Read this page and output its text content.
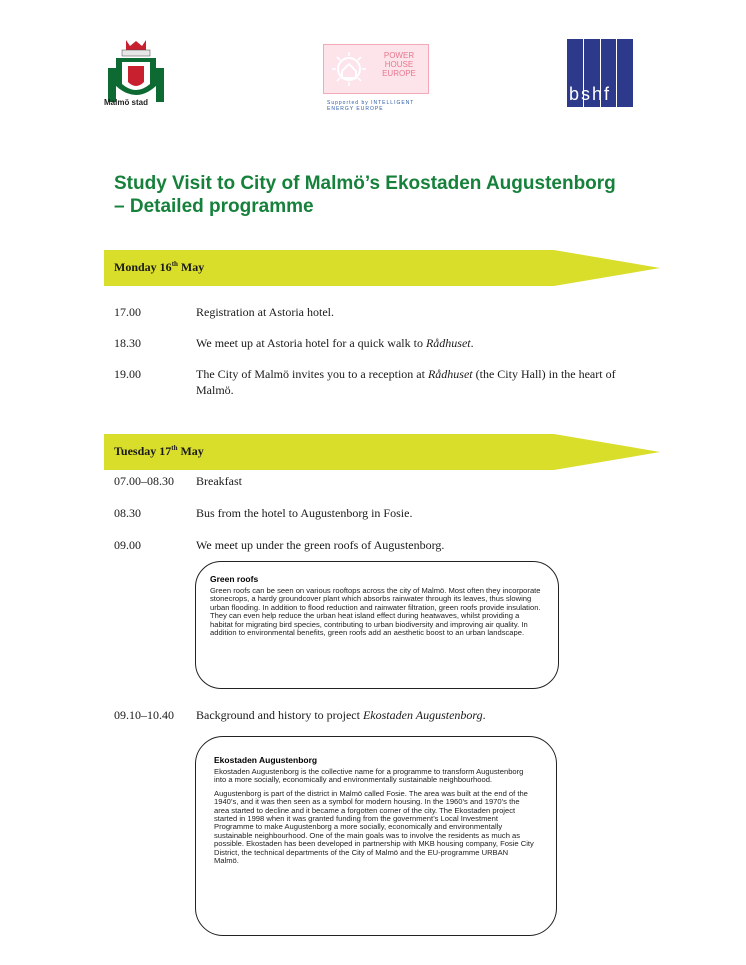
Malmö stad
POWER
HOUSE
EUROPE
Supported by INTELLIGENT ENERGY EUROPE
bshf
Study Visit to City of Malmö’s Ekostaden Augustenborg
– Detailed programme
Monday 16th May
17.00	Registration at Astoria hotel.
18.30	We meet up at Astoria hotel for a quick walk to Rådhuset.
19.00	The City of Malmö invites you to a reception at Rådhuset (the City Hall) in the heart of Malmö.
Tuesday 17th May
07.00–08.30	Breakfast
08.30	Bus from the hotel to Augustenborg in Fosie.
09.00	We meet up under the green roofs of Augustenborg.
Green roofs

Green roofs can be seen on various rooftops across the city of Malmö. Most often they incorporate stonecrops, a hardy groundcover plant which absorbs rainwater through its leaves, thus slowing urban flooding. In addition to flood reduction and rainwater filtration, green roofs provide insulation. They can even help reduce the urban heat island effect during heatwaves, whilst providing a habitat for migrating bird species, contributing to urban biodiversity and improving air quality. In addition to environmental benefits, green roofs add an aesthetic boost to an urban landscape.

09.10–10.40	Background and history to project Ekostaden Augustenborg.
Ekostaden Augustenborg

Ekostaden Augustenborg is the collective name for a programme to transform Augustenborg into a more socially, economically and environmentally sustainable neighbourhood.

Augustenborg is part of the district in Malmö called Fosie. The area was built at the end of the 1940’s, and it was then seen as a symbol for modern housing. In the 1960’s and 1970’s the area started to decline and it became a forgotten corner of the city. The Ekostaden project started in 1998 when it was granted funding from the government’s Local Investment Programme to make Augustenborg a more socially, economically and environmentally sustainable neighbourhood. One of the main goals was to involve the residents as much as possible. Ekostaden has been developed in partnership with MKB housing company, Fosie City District, the technical departments of the City of Malmö and the EU-programme URBAN Malmö.
